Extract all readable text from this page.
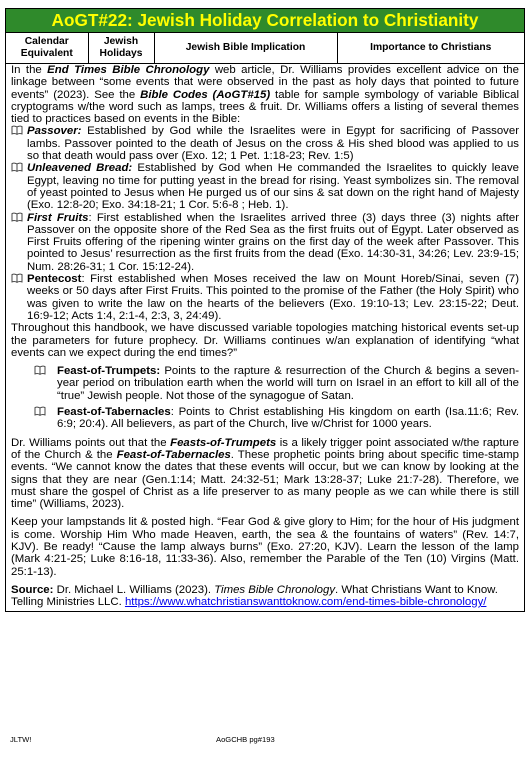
AoGT#22: Jewish Holiday Correlation to Christianity
Calendar Equivalent	Jewish Holidays	Jewish Bible Implication	Importance to Christians

In the End Times Bible Chronology web article, Dr. Williams provides excellent advice on the linkage between “some events that were observed in the past as holy days that pointed to future events” (2023). See the Bible Codes (AoGT#15) table for sample symbology of variable Biblical cryptograms w/the word such as lamps, trees & fruit. Dr. Williams offers a listing of several themes tied to practices based on events in the Bible:

Passover: Established by God while the Israelites were in Egypt for sacrificing of Passover lambs. Passover pointed to the death of Jesus on the cross & His shed blood was applied to us so that death would pass over (Exo. 12; 1 Pet. 1:18-23; Rev. 1:5)
Unleavened Bread: Established by God when He commanded the Israelites to quickly leave Egypt, leaving no time for putting yeast in the bread for rising. Yeast symbolizes sin. The removal of yeast pointed to Jesus when He purged us of our sins & sat down on the right hand of Majesty (Exo. 12:8-20; Exo. 34:18-21; 1 Cor. 5:6-8 ; Heb. 1).
First Fruits: First established when the Israelites arrived three (3) days three (3) nights after Passover on the opposite shore of the Red Sea as the first fruits out of Egypt. Later observed as First Fruits offering of the ripening winter grains on the first day of the week after Passover. This pointed to Jesus’ resurrection as the first fruits from the dead (Exo. 14:30-31, 34:26; Lev. 23:9-15; Num. 28:26-31; 1 Cor. 15:12-24).
Pentecost: First established when Moses received the law on Mount Horeb/Sinai, seven (7) weeks or 50 days after First Fruits. This pointed to the promise of the Father (the Holy Spirit) who was given to write the law on the hearts of the believers (Exo. 19:10-13; Lev. 23:15-22; Deut. 16:9-12; Acts 1:4, 2:1-4, 2:3, 3, 24:49).

Throughout this handbook, we have discussed variable topologies matching historical events set-up the parameters for future prophecy. Dr. Williams continues w/an explanation of identifying “what events can we expect during the end times?”

Feast-of-Trumpets: Points to the rapture & resurrection of the Church & begins a seven-year period on tribulation earth when the world will turn on Israel in an effort to kill all of the “true” Jewish people. Not those of the synagogue of Satan.
Feast-of-Tabernacles: Points to Christ establishing His kingdom on earth (Isa.11:6; Rev. 6:9; 20:4). All believers, as part of the Church, live w/Christ for 1000 years.

Dr. Williams points out that the Feasts-of-Trumpets is a likely trigger point associated w/the rapture of the Church & the Feast-of-Tabernacles. These prophetic points bring about specific time-stamp events. “We cannot know the dates that these events will occur, but we can know by looking at the signs that they are near (Gen.1:14; Matt. 24:32-51; Mark 13:28-37; Luke 21:7-28). Therefore, we must share the gospel of Christ as a life preserver to as many people as we can while there is still time” (Williams, 2023).

Keep your lampstands lit & posted high. “Fear God & give glory to Him; for the hour of His judgment is come. Worship Him Who made Heaven, earth, the sea & the fountains of waters” (Rev. 14:7, KJV). Be ready! “Cause the lamp always burns” (Exo. 27:20, KJV). Learn the lesson of the lamp (Mark 4:21-25; Luke 8:16-18, 11:33-36). Also, remember the Parable of the Ten (10) Virgins (Matt. 25:1-13).

Source: Dr. Michael L. Williams (2023). Times Bible Chronology. What Christians Want to Know. Telling Ministries LLC. https://www.whatchristianswanttoknow.com/end-times-bible-chronology/

JLTW!	AoGCHB pg#193
